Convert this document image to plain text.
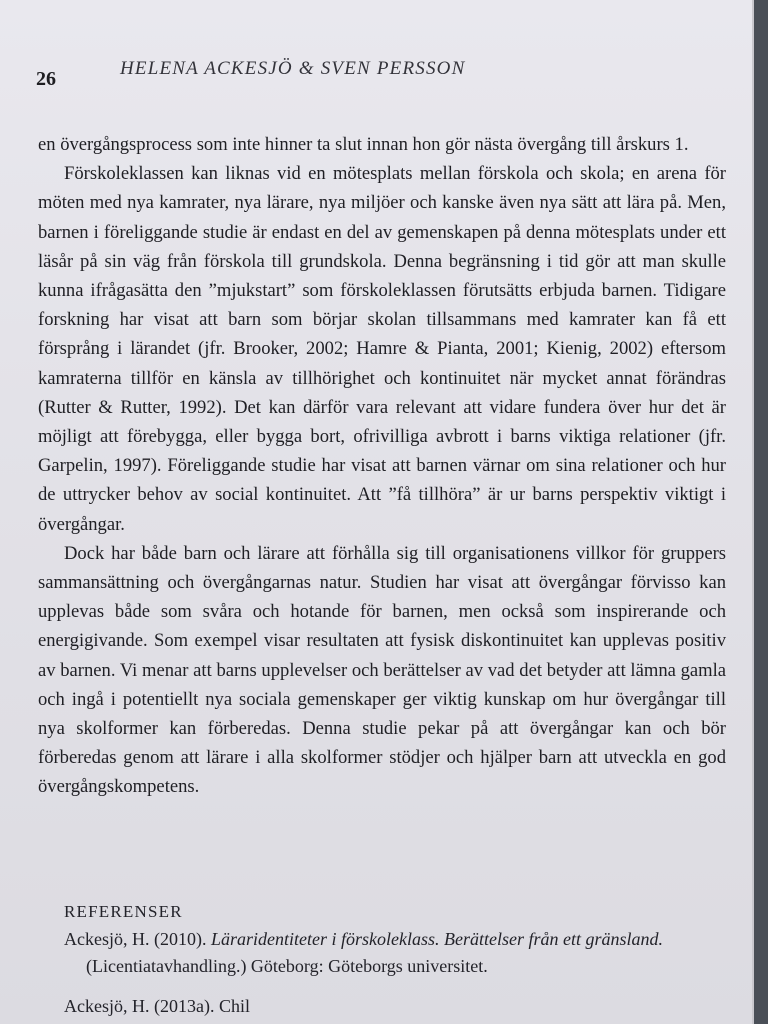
26	HELENA ACKESJÖ & SVEN PERSSON

en övergångsprocess som inte hinner ta slut innan hon gör nästa övergång till årskurs 1.

Förskoleklassen kan liknas vid en mötesplats mellan förskola och skola; en arena för möten med nya kamrater, nya lärare, nya miljöer och kanske även nya sätt att lära på. Men, barnen i föreliggande studie är endast en del av gemenskapen på denna mötesplats under ett läsår på sin väg från förskola till grundskola. Denna begränsning i tid gör att man skulle kunna ifrågasätta den ”mjukstart” som förskoleklassen förutsätts erbjuda barnen. Tidigare forskning har visat att barn som börjar skolan tillsammans med kamrater kan få ett försprång i lärandet (jfr. Brooker, 2002; Hamre & Pianta, 2001; Kienig, 2002) eftersom kamraterna tillför en känsla av tillhörighet och kontinuitet när mycket annat förändras (Rutter & Rutter, 1992). Det kan därför vara relevant att vidare fundera över hur det är möjligt att förebygga, eller bygga bort, ofrivilliga avbrott i barns viktiga relationer (jfr. Garpelin, 1997). Föreliggande studie har visat att barnen värnar om sina relationer och hur de uttrycker behov av social kontinuitet. Att ”få tillhöra” är ur barns perspektiv viktigt i övergångar.

Dock har både barn och lärare att förhålla sig till organisationens villkor för gruppers sammansättning och övergångarnas natur. Studien har visat att övergångar förvisso kan upplevas både som svåra och hotande för barnen, men också som inspirerande och energigivande. Som exempel visar resultaten att fysisk diskontinuitet kan upplevas positiv av barnen. Vi menar att barns upplevelser och berättelser av vad det betyder att lämna gamla och ingå i potentiellt nya sociala gemenskaper ger viktig kunskap om hur övergångar till nya skolformer kan förberedas. Denna studie pekar på att övergångar kan och bör förberedas genom att lärare i alla skolformer stödjer och hjälper barn att utveckla en god övergångskompetens.

REFERENSER
Ackesjö, H. (2010). Läraridentiteter i förskoleklass. Berättelser från ett gränsland.
(Licentiatavhandling.) Göteborg: Göteborgs universitet.
Ackesjö, H. (2013a). Chil
